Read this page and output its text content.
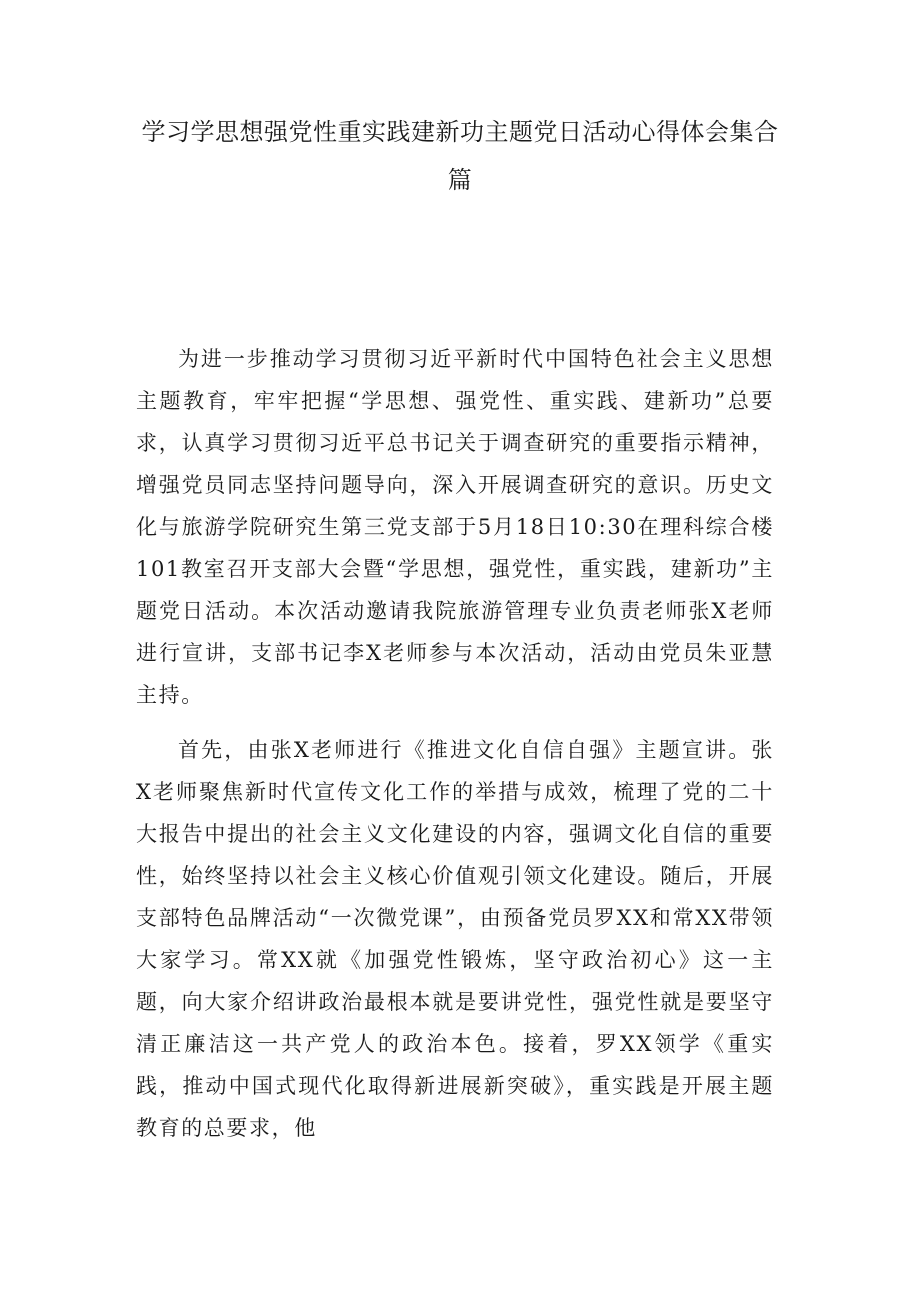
学习学思想强党性重实践建新功主题党日活动心得体会集合篇

为进一步推动学习贯彻习近平新时代中国特色社会主义思想主题教育，牢牢把握“学思想、强党性、重实践、建新功”总要求，认真学习贯彻习近平总书记关于调查研究的重要指示精神，增强党员同志坚持问题导向，深入开展调查研究的意识。历史文化与旅游学院研究生第三党支部于5月18日10:30在理科综合楼101教室召开支部大会暨“学思想，强党性，重实践，建新功”主题党日活动。本次活动邀请我院旅游管理专业负责老师张X老师进行宣讲，支部书记李X老师参与本次活动，活动由党员朱亚慧主持。

首先，由张X老师进行《推进文化自信自强》主题宣讲。张X老师聚焦新时代宣传文化工作的举措与成效，梳理了党的二十大报告中提出的社会主义文化建设的内容，强调文化自信的重要性，始终坚持以社会主义核心价值观引领文化建设。随后，开展支部特色品牌活动“一次微党课”，由预备党员罗XX和常XX带领大家学习。常XX就《加强党性锻炼，坚守政治初心》这一主题，向大家介绍讲政治最根本就是要讲党性，强党性就是要坚守清正廉洁这一共产党人的政治本色。接着，罗XX领学《重实践，推动中国式现代化取得新进展新突破》，重实践是开展主题教育的总要求，他
